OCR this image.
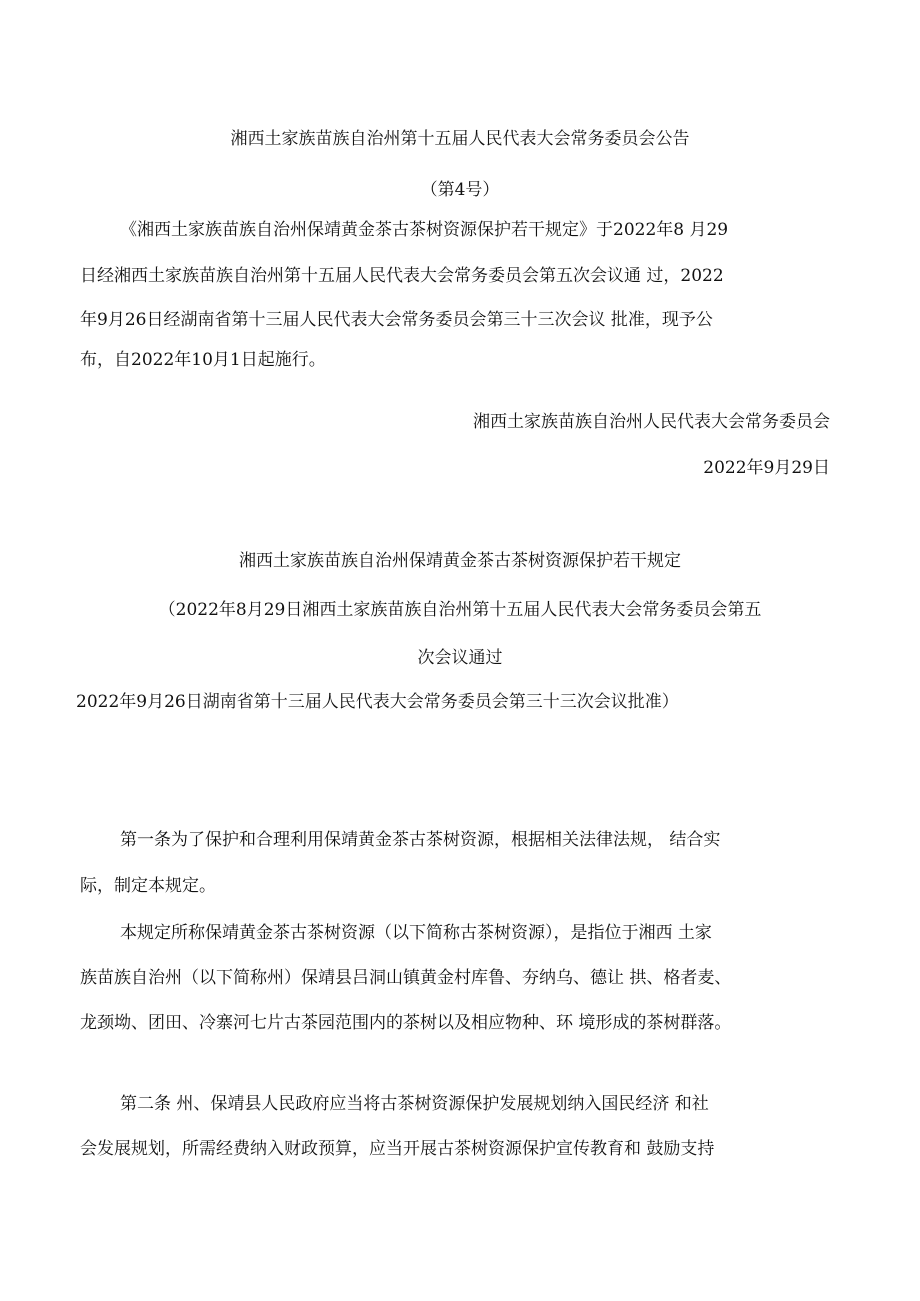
湘西土家族苗族自治州第十五届人民代表大会常务委员会公告
（第4号）
《湘西土家族苗族自治州保靖黄金茶古茶树资源保护若干规定》于2022年8 月29
日经湘西土家族苗族自治州第十五届人民代表大会常务委员会第五次会议通 过，2022
年9月26日经湖南省第十三届人民代表大会常务委员会第三十三次会议 批准，现予公
布，自2022年10月1日起施行。
湘西土家族苗族自治州人民代表大会常务委员会
2022年9月29日
湘西土家族苗族自治州保靖黄金茶古茶树资源保护若干规定
（2022年8月29日湘西土家族苗族自治州第十五届人民代表大会常务委员会第五
次会议通过
2022年9月26日湖南省第十三届人民代表大会常务委员会第三十三次会议批准）
第一条为了保护和合理利用保靖黄金茶古茶树资源，根据相关法律法规， 结合实
际，制定本规定。
本规定所称保靖黄金茶古茶树资源（以下简称古茶树资源），是指位于湘西 土家
族苗族自治州（以下简称州）保靖县吕洞山镇黄金村库鲁、夯纳乌、德让 拱、格者麦、
龙颈坳、团田、冷寨河七片古茶园范围内的茶树以及相应物种、环 境形成的茶树群落。
第二条 州、保靖县人民政府应当将古茶树资源保护发展规划纳入国民经济 和社
会发展规划，所需经费纳入财政预算，应当开展古茶树资源保护宣传教育和 鼓励支持
